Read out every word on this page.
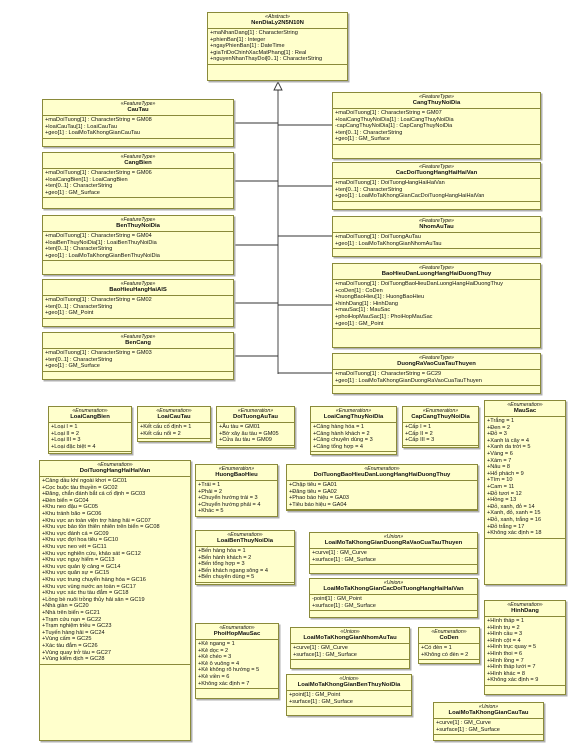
«Abstract»
NenDiaLy2N5N10N
+maNhanDang[1] : CharacterString
+phienBan[1] : Integer
+ngayPhienBan[1] : DateTime
+giaTriDoChinhXacMatPhang[1] : Real
+nguyenNhanThayDoi[0..1] : CharacterString
«FeatureType»
CauTau
+maDoiTuong[1] : CharacterString = GM08
+loaiCauTau[1] : LoaiCauTau
+geo[1] : LoaiMoTaKhongGianCauTau
«FeatureType»
CangBien
+maDoiTuong[1] : CharacterString = GM06
+loaiCangBien[1] : LoaiCangBien
+ten[0..1] : CharacterString
+geo[1] : GM_Surface
«FeatureType»
BenThuyNoiDia
+maDoiTuong[1] : CharacterString = GM04
+loaiBenThuyNoiDia[1] : LoaiBenThuyNoiDia
+ten[0..1] : CharacterString
+geo[1] : LoaiMoTaKhongGianBenThuyNoiDia
«FeatureType»
BaoHieuHangHaiAIS
+maDoiTuong[1] : CharacterString = GM02
+ten[0..1] : CharacterString
+geo[1] : GM_Point
«FeatureType»
BenCang
+maDoiTuong[1] : CharacterString = GM03
+ten[0..1] : CharacterString
+geo[1] : GM_Surface
«FeatureType»
CangThuyNoiDia
+maDoiTuong[1] : CharacterString = GM07
+loaiCangThuyNoiDia[1] : LoaiCangThuyNoiDia
-capCangThuyNoiDia[1] : CapCangThuyNoiDia
+ten[0..1] : CharacterString
+geo[1] : GM_Surface
«FeatureType»
CacDoiTuongHangHaiHaiVan
+maDoiTuong[1] : DoiTuongHangHaiHaiVan
+ten[0..1] : CharacterString
+geo[1] : LoaiMoTaKhongGianCacDoiTuongHangHaiHaiVan
«FeatureType»
NhomAuTau
+maDoiTuong[1] : DoiTuongAuTau
+geo[1] : LoaiMoTaKhongGianNhomAuTau
«FeatureType»
BaoHieuDanLuongHangHaiDuongThuy
+maDoiTuong[1] : DoiTuongBaoHieuDanLuongHangHaiDuongThuy
+coDen[1] : CoDen
+huongBaoHieu[1] : HuongBaoHieu
+hinhDang[1] : HinhDang
+mauSac[1] : MauSac
+phoiHopMauSac[1] : PhoiHopMauSac
+geo[1] : GM_Point
«FeatureType»
DuongRaVaoCuaTauThuyen
+maDoiTuong[1] : CharacterString = GC29
+geo[1] : LoaiMoTaKhongGianDuongRaVaoCuaTauThuyen
«Enumeration»
LoaiCangBien
+Loại I = 1
+Loại II = 2
+Loại III = 3
+Loại đặc biệt = 4
«Enumeration»
LoaiCauTau
+Kết cấu cố định = 1
+Kết cấu nổi = 2
«Enumeration»
DoiTuongAuTau
+Âu tàu = GM01
+Bờ xây âu tàu = GM05
+Cửa âu tàu = GM09
«Enumeration»
LoaiCangThuyNoiDia
+Cảng hàng hóa = 1
+Cảng hành khách = 2
+Cảng chuyên dùng = 3
+Cảng tổng hợp = 4
«Enumeration»
CapCangThuyNoiDia
+Cấp I = 1
+Cấp II = 2
+Cấp III = 3
«Enumeration»
MauSac
+Trắng = 1
+Đen = 2
+Đỏ = 3
+Xanh lá cây = 4
+Xanh da trời = 5
+Vàng = 6
+Xám = 7
+Nâu = 8
+Hổ phách = 9
+Tím = 10
+Cam = 11
+Đỏ tươi = 12
+Hồng = 13
+Đỏ, xanh, đỏ = 14
+Xanh, đỏ, xanh = 15
+Đỏ, xanh, trắng = 16
+Đỏ trắng = 17
+Không xác định = 18
«Enumeration»
DoiTuongHangHaiHaiVan
+Cảng dầu khí ngoài khơi = GC01
+Cọc buộc tàu thuyền = GC02
+Đăng, chắn đánh bắt cá cố định = GC03
+Đèn biển = GC04
+Khu neo đậu = GC05
+Khu tránh bão = GC06
+Khu vực an toàn viện trợ hàng hải = GC07
+Khu vực bảo tồn thiên nhiên trên biển = GC08
+Khu vực đánh cá = GC09
+Khu vực đợi hoa tiêu = GC10
+Khu vực neo vét = GC11
+Khu vực nghiên cứu, khảo sát = GC12
+Khu vực nguy hiểm = GC13
+Khu vực quản lý cảng = GC14
+Khu vực quân sự = GC15
+Khu vực trung chuyển hàng hóa = GC16
+Khu vực vùng nước an toàn = GC17
+Khu vực xác thu tàu đắm = GC18
+Lồng bè nuôi trồng thủy hải sản = GC19
+Nhà giàn = GC20
+Nhà trên biển = GC21
+Trạm cứu nạn = GC22
+Trạm nghiệm triều = GC23
+Tuyến hàng hải = GC24
+Vùng cấm = GC25
+Xác tàu đắm = GC26
+Vùng quay trở tàu = GC27
+Vùng kiểm dịch = GC28
«Enumeration»
HuongBaoHieu
+Trái = 1
+Phải = 2
+Chuyển hướng trái = 3
+Chuyển hướng phải = 4
+Khác = 5
«Enumeration»
DoiTuongBaoHieuDanLuongHangHaiDuongThuy
+Chập tiêu = GA01
+Đăng tiêu = GA02
+Phao báo hiệu = GA03
+Tiêu báo hiệu = GA04
«Enumeration»
LoaiBenThuyNoiDia
+Bến hàng hóa = 1
+Bến hành khách = 2
+Bến tổng hợp = 3
+Bến khách ngang sông = 4
+Bến chuyên dùng = 5
«Union»
LoaiMoTaKhongGianDuongRaVaoCuaTauThuyen
+curve[1] : GM_Curve
+surface[1] : GM_Surface
«Union»
LoaiMoTaKhongGianCacDoiTuongHangHaiHaiVan
-point[1] : GM_Point
+surface[1] : GM_Surface	«Enumeration»
HinhDang
+Hình tháp = 1
+Hình trụ = 2
+Hình cầu = 3
+Hình cột = 4
+Hình trục quay = 5
+Hình thoi = 6
+Hình lồng = 7
+Hình tháp lưới = 7
+Hình khác = 8
+Không xác định = 9
«Enumeration»
PhoiHopMauSac
+Kẻ ngang = 1
+Kẻ dọc = 2
+Kẻ chéo = 3
+Kẻ ô vuông = 4
+Kẻ không rõ hướng = 5
+Kẻ viền = 6
+Không xác định = 7
«Union»
LoaiMoTaKhongGianNhomAuTau
+curve[1] : GM_Curve
+surface[1] : GM_Surface
«Enumeration»
CoDen
+Có đèn = 1
+Không có đèn = 2
«Union»
LoaiMoTaKhongGianBenThuyNoiDia
+point[1] : GM_Point
+surface[1] : GM_Surface
«Union»
LoaiMoTaKhongGianCauTau
+curve[1] : GM_Curve
+surface[1] : GM_Surface
